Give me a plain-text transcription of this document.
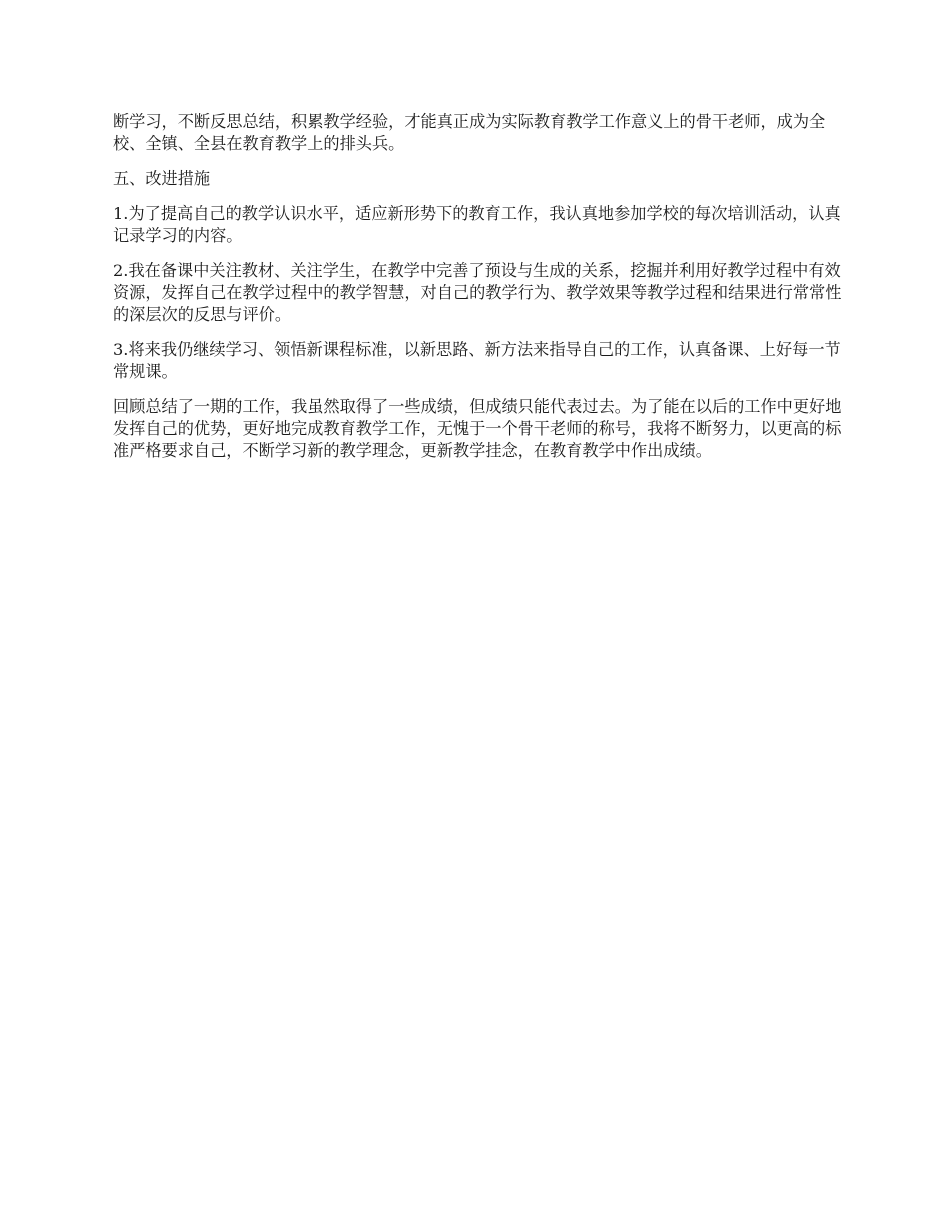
断学习，不断反思总结，积累教学经验，才能真正成为实际教育教学工作意义上的骨干老师，成为全校、全镇、全县在教育教学上的排头兵。

五、改进措施

1.为了提高自己的教学认识水平，适应新形势下的教育工作，我认真地参加学校的每次培训活动，认真记录学习的内容。

2.我在备课中关注教材、关注学生，在教学中完善了预设与生成的关系，挖掘并利用好教学过程中有效资源，发挥自己在教学过程中的教学智慧，对自己的教学行为、教学效果等教学过程和结果进行常常性的深层次的反思与评价。

3.将来我仍继续学习、领悟新课程标准，以新思路、新方法来指导自己的工作，认真备课、上好每一节常规课。

回顾总结了一期的工作，我虽然取得了一些成绩，但成绩只能代表过去。为了能在以后的工作中更好地发挥自己的优势，更好地完成教育教学工作，无愧于一个骨干老师的称号，我将不断努力，以更高的标准严格要求自己，不断学习新的教学理念，更新教学挂念，在教育教学中作出成绩。
